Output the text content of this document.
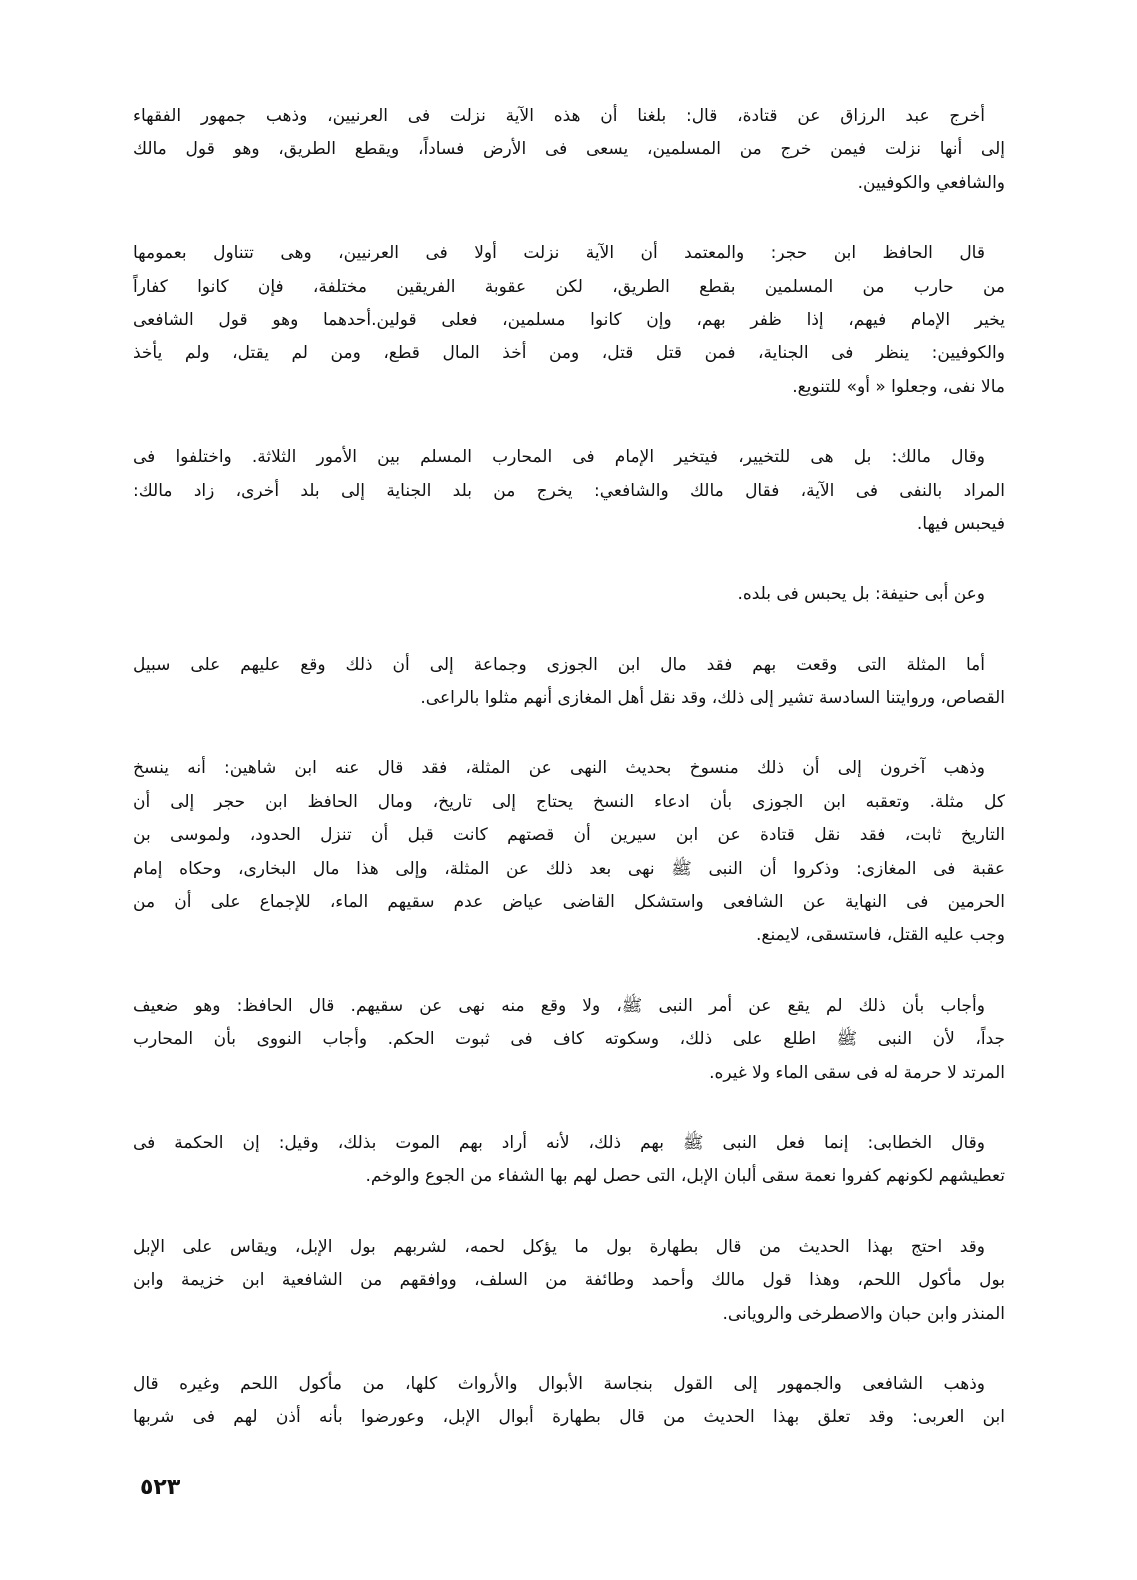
أخرج عبد الرزاق عن قتادة، قال: بلغنا أن هذه الآية نزلت فى العرنيين، وذهب جمهور الفقهاء
إلى أنها نزلت فيمن خرج من المسلمين، يسعى فى الأرض فساداً، ويقطع الطريق، وهو قول مالك
والشافعي والكوفيين.
قال الحافظ ابن حجر: والمعتمد أن الآية نزلت أولا فى العرنيين، وهى تتناول بعمومها
من حارب من المسلمين بقطع الطريق، لكن عقوبة الفريقين مختلفة، فإن كانوا كفاراً
يخير الإمام فيهم، إذا ظفر بهم، وإن كانوا مسلمين، فعلى قولين.أحدهما وهو قول الشافعى
والكوفيين: ينظر فى الجناية، فمن قتل قتل، ومن أخذ المال قطع، ومن لم يقتل، ولم يأخذ
مالا نفى، وجعلوا « أو» للتنويع.
وقال مالك: بل هى للتخيير، فيتخير الإمام فى المحارب المسلم بين الأمور الثلاثة. واختلفوا فى
المراد بالنفى فى الآية، فقال مالك والشافعي: يخرج من بلد الجناية إلى بلد أخرى، زاد مالك:
فيحبس فيها.
وعن أبى حنيفة: بل يحبس فى بلده.
أما المثلة التى وقعت بهم فقد مال ابن الجوزى وجماعة إلى أن ذلك وقع عليهم على سبيل
القصاص، وروايتنا السادسة تشير إلى ذلك، وقد نقل أهل المغازى أنهم مثلوا بالراعى.
وذهب آخرون إلى أن ذلك منسوخ بحديث النهى عن المثلة، فقد قال عنه ابن شاهين: أنه ينسخ
كل مثلة. وتعقبه ابن الجوزى بأن ادعاء النسخ يحتاج إلى تاريخ، ومال الحافظ ابن حجر إلى أن
التاريخ ثابت، فقد نقل قتادة عن ابن سيرين أن قصتهم كانت قبل أن تنزل الحدود، ولموسى بن
عقبة فى المغازى: وذكروا أن النبى ﷺ نهى بعد ذلك عن المثلة، وإلى هذا مال البخارى، وحكاه إمام
الحرمين فى النهاية عن الشافعى واستشكل القاضى عياض عدم سقيهم الماء، للإجماع على أن من
وجب عليه القتل، فاستسقى، لايمنع.
وأجاب بأن ذلك لم يقع عن أمر النبى ﷺ، ولا وقع منه نهى عن سقيهم. قال الحافظ: وهو ضعيف
جداً، لأن النبى ﷺ اطلع على ذلك، وسكوته كاف فى ثبوت الحكم. وأجاب النووى بأن المحارب
المرتد لا حرمة له فى سقى الماء ولا غيره.
وقال الخطابى: إنما فعل النبى ﷺ بهم ذلك، لأنه أراد بهم الموت بذلك، وقيل: إن الحكمة فى
تعطيشهم لكونهم كفروا نعمة سقى ألبان الإبل، التى حصل لهم بها الشفاء من الجوع والوخم.
وقد احتج بهذا الحديث من قال بطهارة بول ما يؤكل لحمه، لشربهم بول الإبل، ويقاس على الإبل
بول مأكول اللحم، وهذا قول مالك وأحمد وطائفة من السلف، ووافقهم من الشافعية ابن خزيمة وابن
المنذر وابن حبان والاصطرخى والرويانى.
وذهب الشافعى والجمهور إلى القول بنجاسة الأبوال والأرواث كلها، من مأكول اللحم وغيره قال
ابن العربى: وقد تعلق بهذا الحديث من قال بطهارة أبوال الإبل، وعورضوا بأنه أذن لهم فى شربها
٥٢٣
